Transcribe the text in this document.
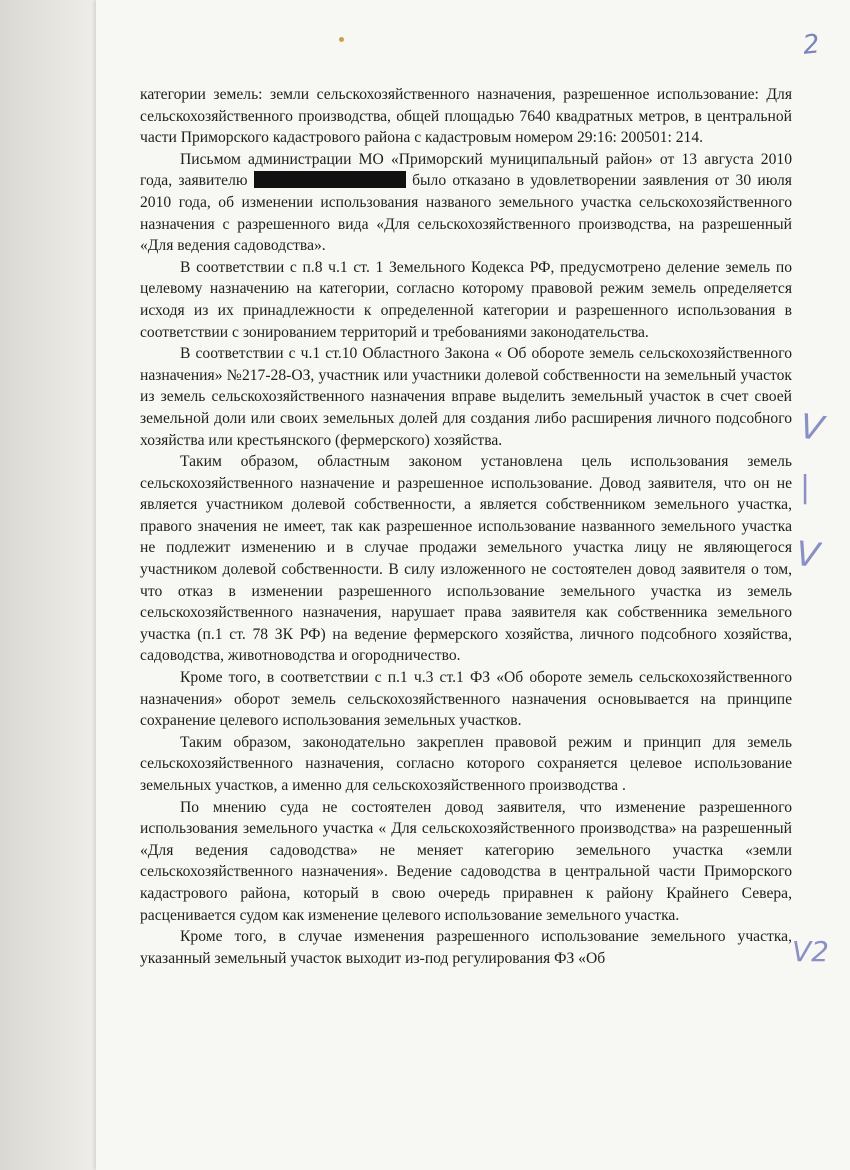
2

категории земель: земли сельскохозяйственного назначения, разрешенное использование: Для сельскохозяйственного производства, общей площадью 7640 квадратных метров, в центральной части Приморского кадастрового района с кадастровым номером 29:16: 200501: 214.

Письмом администрации МО «Приморский муниципальный район» от 13 августа 2010 года, заявителю	было отказано в удовлетворении заявления от 30 июля 2010 года, об изменении использования названого земельного участка сельскохозяйственного назначения с разрешенного вида «Для сельскохозяйственного производства, на разрешенный «Для ведения садоводства».

В соответствии с п.8 ч.1 ст. 1 Земельного Кодекса РФ, предусмотрено деление земель по целевому назначению на категории, согласно которому правовой режим земель определяется исходя из их принадлежности к определенной категории и разрешенного использования в соответствии с зонированием территорий и требованиями законодательства.

В соответствии с ч.1 ст.10 Областного Закона « Об обороте земель сельскохозяйственного назначения» №217-28-ОЗ, участник или участники долевой собственности на земельный участок из земель сельскохозяйственного назначения вправе выделить земельный участок в счет своей земельной доли или своих земельных долей для создания либо расширения личного подсобного хозяйства или крестьянского (фермерского) хозяйства.

Таким образом, областным законом установлена цель использования земель сельскохозяйственного назначение и разрешенное использование. Довод заявителя, что он не является участником долевой собственности, а является собственником земельного участка, правого значения не имеет, так как разрешенное использование названного земельного участка не подлежит изменению и в случае продажи земельного участка лицу не являющегося участником долевой собственности. В силу изложенного не состоятелен довод заявителя о том, что отказ в изменении разрешенного использование земельного участка из земель сельскохозяйственного назначения, нарушает права заявителя как собственника земельного участка (п.1 ст. 78 ЗК РФ) на ведение фермерского хозяйства, личного подсобного хозяйства, садоводства, животноводства и огородничество.

Кроме того, в соответствии с п.1 ч.3 ст.1 ФЗ «Об обороте земель сельскохозяйственного назначения» оборот земель сельскохозяйственного назначения основывается на принципе сохранение целевого использования земельных участков.

Таким образом, законодательно закреплен правовой режим и принцип для земель сельскохозяйственного назначения, согласно которого сохраняется целевое использование земельных участков, а именно для сельскохозяйственного производства .

По мнению суда не состоятелен довод заявителя, что изменение разрешенного использования земельного участка « Для сельскохозяйственного производства» на разрешенный «Для ведения садоводства» не меняет категорию земельного участка «земли сельскохозяйственного назначения». Ведение садоводства в центральной части Приморского кадастрового района, который в свою очередь приравнен к району Крайнего Севера, расценивается судом как изменение целевого использование земельного участка.

Кроме того, в случае изменения разрешенного использование земельного участка, указанный земельный участок выходит из-под регулирования ФЗ «Об

V
|
V
V2
